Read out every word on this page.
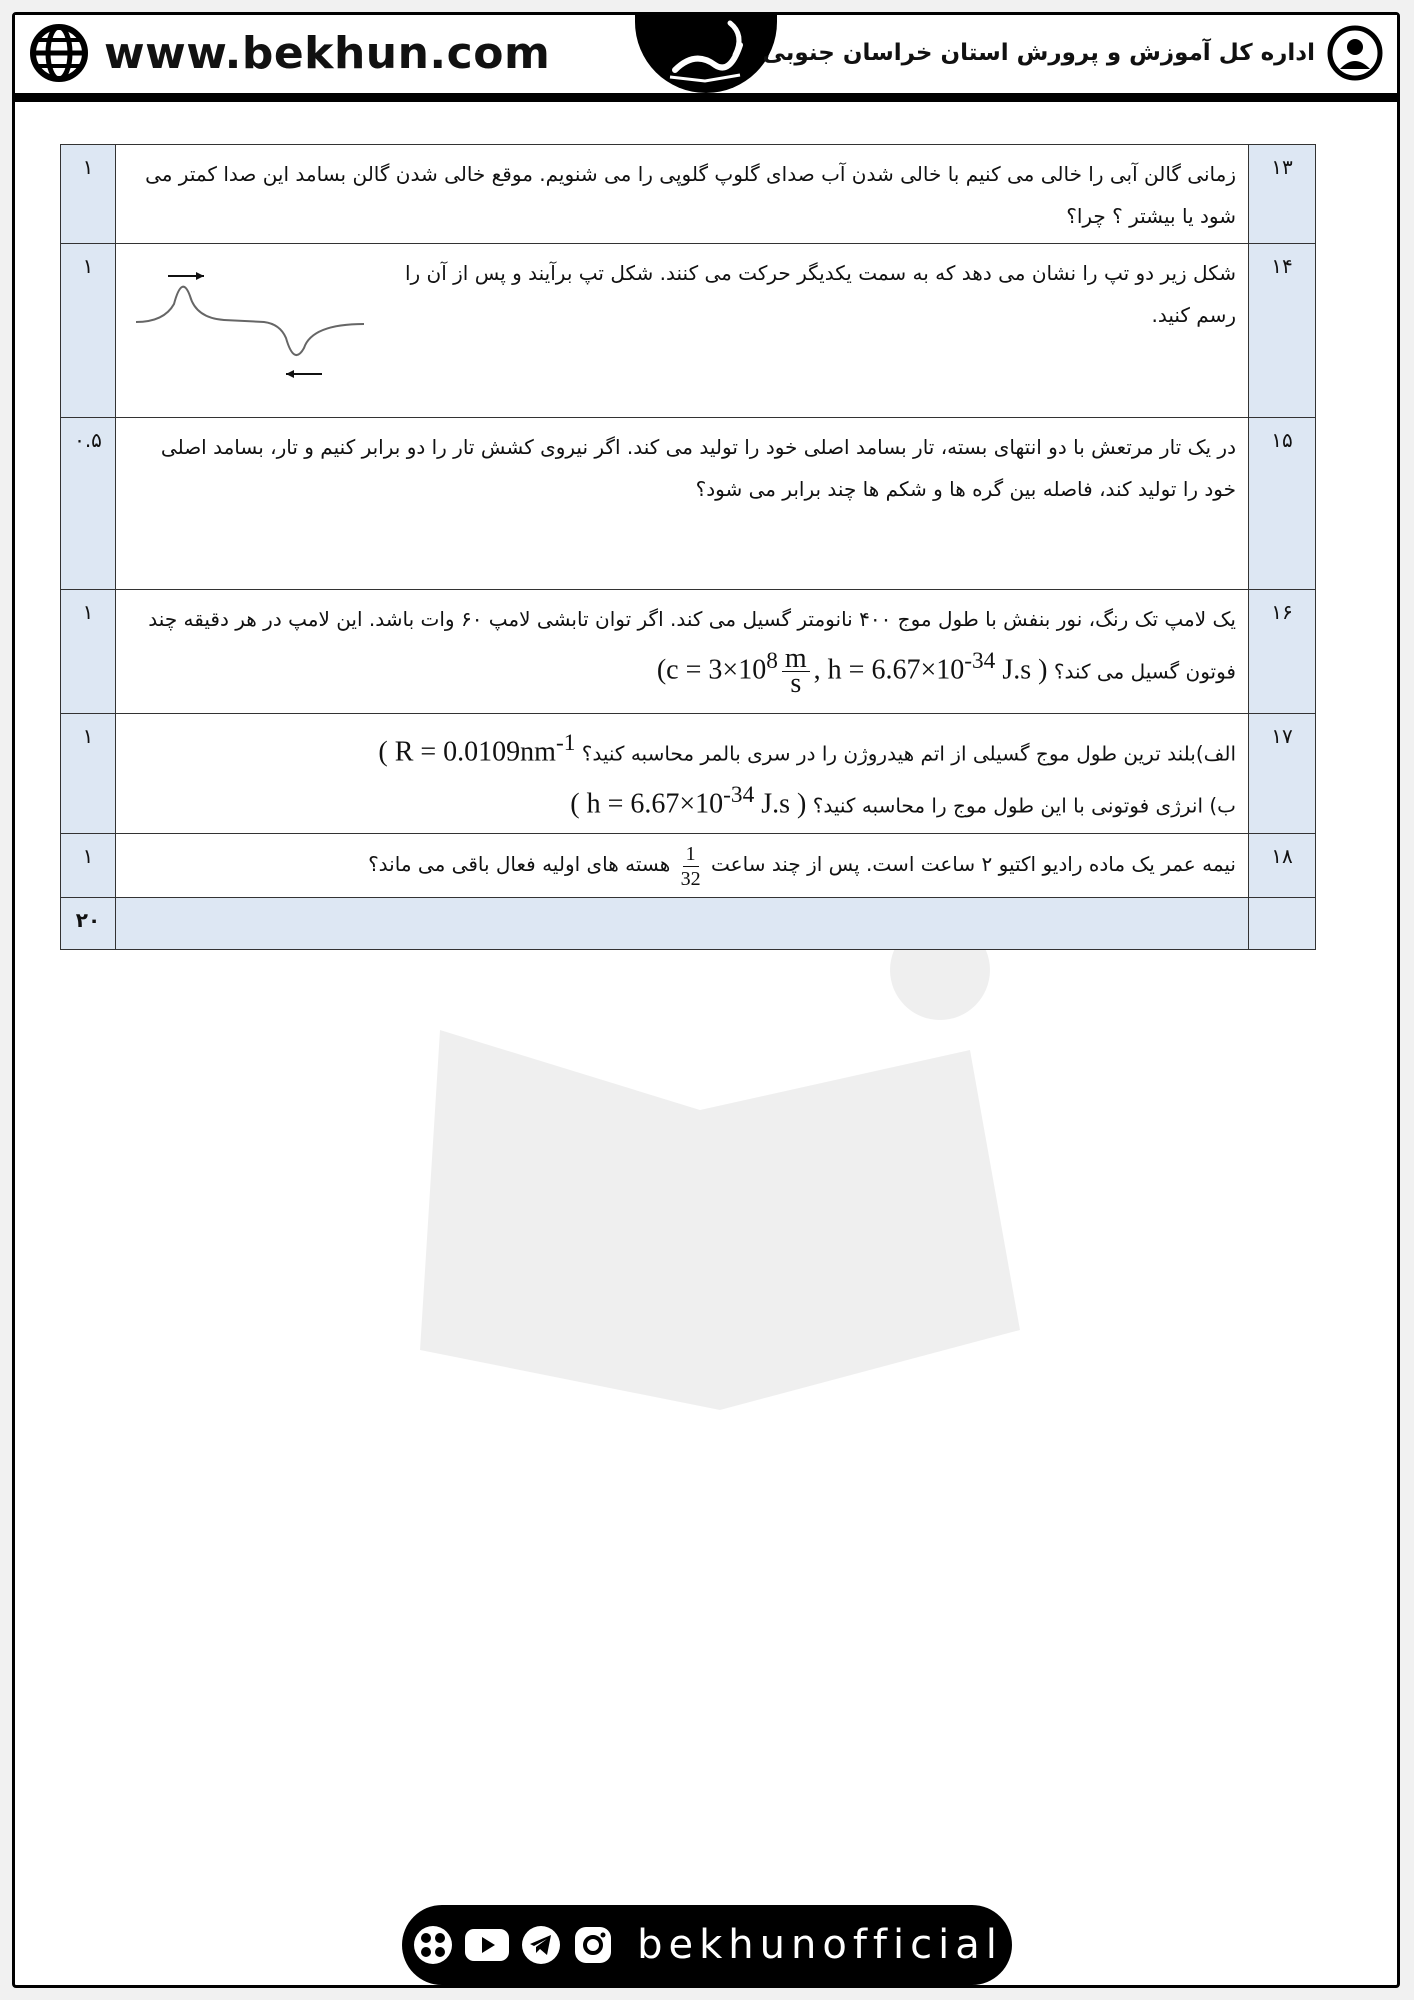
www.bekhun.com	اداره کل آموزش و پرورش استان خراسان جنوبی
۱۳	زمانی گالن آبی را خالی می کنیم با خالی شدن آب صدای گلوپ گلوپی را می شنویم. موقع خالی شدن گالن بسامد این صدا کمتر می شود یا بیشتر ؟ چرا؟	۱
۱۴	شکل زیر دو تپ را نشان می دهد که به سمت یکدیگر حرکت می کنند. شکل تپ برآیند و پس از آن را رسم کنید.	۱
۱۵	در یک تار مرتعش با دو انتهای بسته، تار بسامد اصلی خود را تولید می کند. اگر نیروی کشش تار را دو برابر کنیم و تار، بسامد اصلی خود را تولید کند، فاصله بین گره ها و شکم ها چند برابر می شود؟	۰.۵
۱۶	یک لامپ تک رنگ، نور بنفش با طول موج ۴۰۰ نانومتر گسیل می کند. اگر توان تابشی لامپ ۶۰ وات باشد. این لامپ در هر دقیقه چند فوتون گسیل می کند؟ ($c = 3\times 10^8 \frac{m}{s}$ , $h = 6.67\times 10^{-34}$ J.s )	۱
۱۷	الف)بلند ترین طول موج گسیلی از اتم هیدروژن را در سری بالمر محاسبه کنید؟ ( $R = 0.0109nm^{-1}$
ب) انرژی فوتونی با این طول موج را محاسبه کنید؟ ( $h = 6.67\times 10^{-34}$ J.s )	۱
۱۸	نیمه عمر یک ماده رادیو اکتیو ۲ ساعت است. پس از چند ساعت
$\frac{1}{32}$
هسته های اولیه فعال باقی می ماند؟	۱
		۲۰
bekhunofficial
